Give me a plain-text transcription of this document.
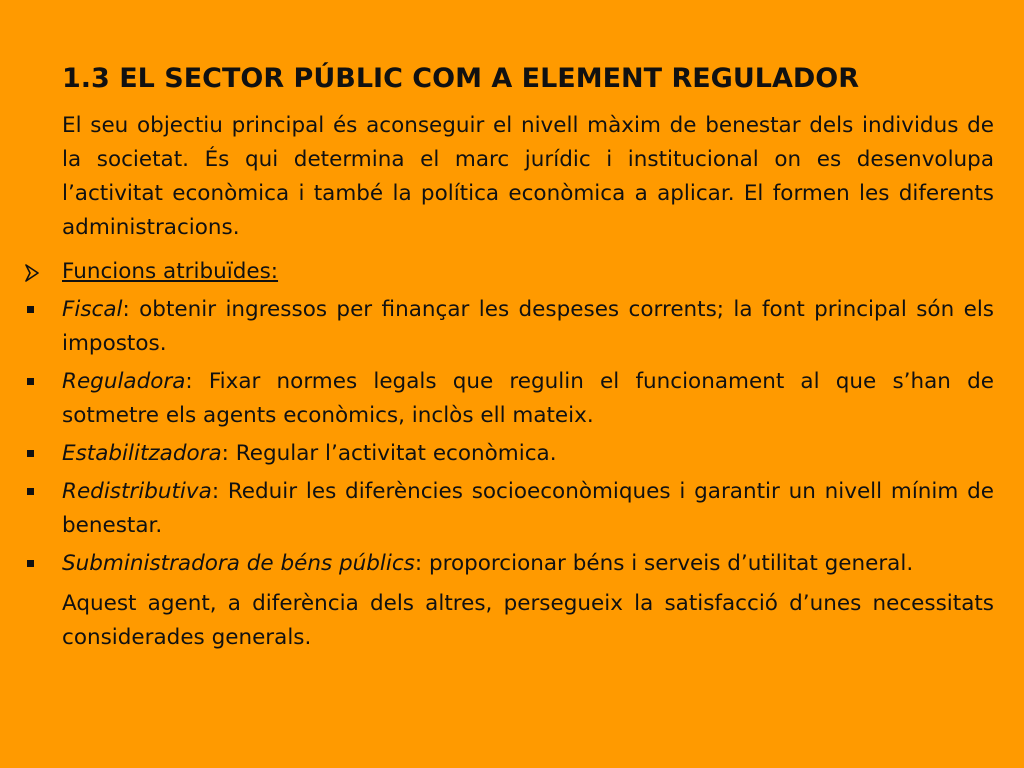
1.3 EL SECTOR PÚBLIC COM A ELEMENT REGULADOR

El seu objectiu principal és aconseguir el nivell màxim de benestar dels individus de la societat. És qui determina el marc jurídic i institucional on es desenvolupa l’activitat econòmica i també la política econòmica a aplicar. El formen les diferents administracions.

Funcions atribuïdes:
Fiscal: obtenir ingressos per finançar les despeses corrents; la font principal són els impostos.
Reguladora: Fixar normes legals que regulin el funcionament al que s’han de sotmetre els agents econòmics, inclòs ell mateix.
Estabilitzadora: Regular l’activitat econòmica.
Redistributiva: Reduir les diferències socioeconòmiques i garantir un nivell mínim de benestar.
Subministradora de béns públics: proporcionar béns i serveis d’utilitat general.

Aquest agent, a diferència dels altres, persegueix la satisfacció d’unes necessitats considerades generals.
